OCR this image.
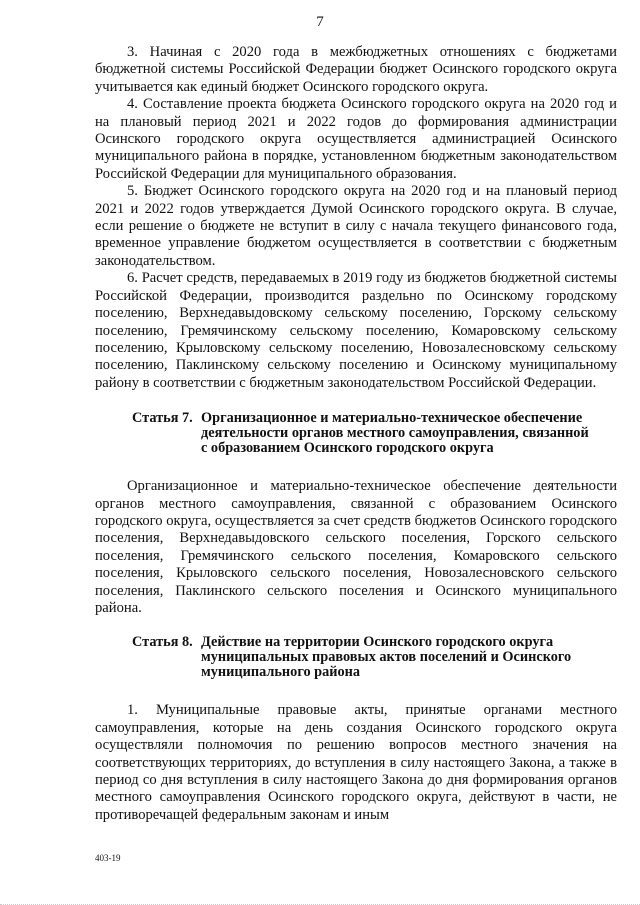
7

3. Начиная с 2020 года в межбюджетных отношениях с бюджетами бюджетной системы Российской Федерации бюджет Осинского городского округа учитывается как единый бюджет Осинского городского округа.

4. Составление проекта бюджета Осинского городского округа на 2020 год и на плановый период 2021 и 2022 годов до формирования администрации Осинского городского округа осуществляется администрацией Осинского муниципального района в порядке, установленном бюджетным законодательством Российской Федерации для муниципального образования.

5. Бюджет Осинского городского округа на 2020 год и на плановый период 2021 и 2022 годов утверждается Думой Осинского городского округа. В случае, если решение о бюджете не вступит в силу с начала текущего финансового года, временное управление бюджетом осуществляется в соответствии с бюджетным законодательством.

6. Расчет средств, передаваемых в 2019 году из бюджетов бюджетной системы Российской Федерации, производится раздельно по Осинскому городскому поселению, Верхнедавыдовскому сельскому поселению, Горскому сельскому поселению, Гремячинскому сельскому поселению, Комаровскому сельскому поселению, Крыловскому сельскому поселению, Новозалесновскому сельскому поселению, Паклинскому сельскому поселению и Осинскому муниципальному району в соответствии с бюджетным законодательством Российской Федерации.

Статья 7. Организационное и материально-техническое обеспечение
деятельности органов местного самоуправления, связанной
с образованием Осинского городского округа

Организационное и материально-техническое обеспечение деятельности органов местного самоуправления, связанной с образованием Осинского городского округа, осуществляется за счет средств бюджетов Осинского городского поселения, Верхнедавыдовского сельского поселения, Горского сельского поселения, Гремячинского сельского поселения, Комаровского сельского поселения, Крыловского сельского поселения, Новозалесновского сельского поселения, Паклинского сельского поселения и Осинского муниципального района.

Статья 8. Действие на территории Осинского городского округа
муниципальных правовых актов поселений и Осинского
муниципального района

1. Муниципальные правовые акты, принятые органами местного самоуправления, которые на день создания Осинского городского округа осуществляли полномочия по решению вопросов местного значения на соответствующих территориях, до вступления в силу настоящего Закона, а также в период со дня вступления в силу настоящего Закона до дня формирования органов местного самоуправления Осинского городского округа, действуют в части, не противоречащей федеральным законам и иным

403-19
